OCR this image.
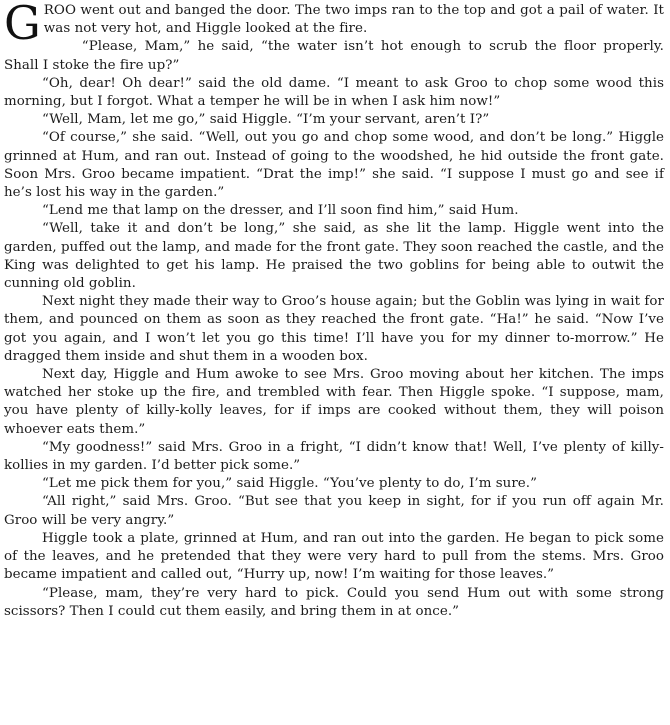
GROO went out and banged the door. The two imps ran to the top and got a pail of water. It was not very hot, and Higgle looked at the fire.

“Please, Mam,” he said, “the water isn’t hot enough to scrub the floor properly. Shall I stoke the fire up?”

“Oh, dear! Oh dear!” said the old dame. “I meant to ask Groo to chop some wood this morning, but I forgot. What a temper he will be in when I ask him now!”

“Well, Mam, let me go,” said Higgle. “I’m your servant, aren’t I?”

“Of course,” she said. “Well, out you go and chop some wood, and don’t be long.” Higgle grinned at Hum, and ran out. Instead of going to the woodshed, he hid outside the front gate. Soon Mrs. Groo became impatient. “Drat the imp!” she said. “I suppose I must go and see if he’s lost his way in the garden.”

“Lend me that lamp on the dresser, and I’ll soon find him,” said Hum.

“Well, take it and don’t be long,” she said, as she lit the lamp. Higgle went into the garden, puffed out the lamp, and made for the front gate. They soon reached the castle, and the King was delighted to get his lamp. He praised the two goblins for being able to outwit the cunning old goblin.

Next night they made their way to Groo’s house again; but the Goblin was lying in wait for them, and pounced on them as soon as they reached the front gate. “Ha!” he said. “Now I’ve got you again, and I won’t let you go this time! I’ll have you for my dinner to-morrow.” He dragged them inside and shut them in a wooden box.

Next day, Higgle and Hum awoke to see Mrs. Groo moving about her kitchen. The imps watched her stoke up the fire, and trembled with fear. Then Higgle spoke. “I suppose, mam, you have plenty of killy-kolly leaves, for if imps are cooked without them, they will poison whoever eats them.”

“My goodness!” said Mrs. Groo in a fright, “I didn’t know that! Well, I’ve plenty of killy-kollies in my garden. I’d better pick some.”

“Let me pick them for you,” said Higgle. “You’ve plenty to do, I’m sure.”

“All right,” said Mrs. Groo. “But see that you keep in sight, for if you run off again Mr. Groo will be very angry.”

Higgle took a plate, grinned at Hum, and ran out into the garden. He began to pick some of the leaves, and he pretended that they were very hard to pull from the stems. Mrs. Groo became impatient and called out, “Hurry up, now! I’m waiting for those leaves.”

“Please, mam, they’re very hard to pick. Could you send Hum out with some strong scissors? Then I could cut them easily, and bring them in at once.”
